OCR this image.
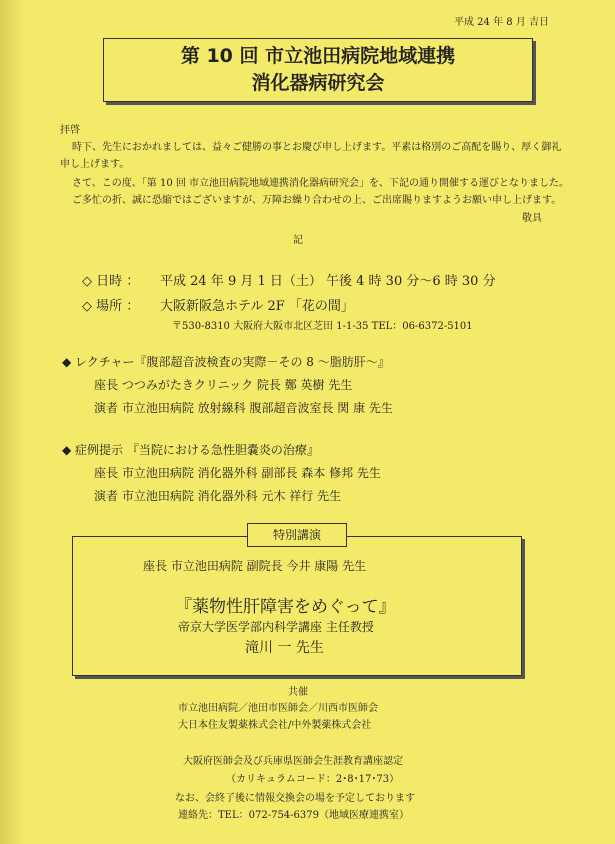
平成 24 年 8 月 吉日
第 10 回 市立池田病院地域連携
消化器病研究会
拝啓
時下、先生におかれましては、益々ご健勝の事とお慶び申し上げます。平素は格別のご高配を賜り、厚く御礼
申し上げます。
さて、この度、「第 10 回 市立池田病院地域連携消化器病研究会」を、下記の通り開催する運びとなりました。
ご多忙の折、誠に恐縮ではございますが、万障お繰り合わせの上、ご出席賜りますようお願い申し上げます。
敬具
記
◇ 日時 ： 平成 24 年 9 月 1 日（土） 午後 4 時 30 分～6 時 30 分
◇ 場所 ： 大阪新阪急ホテル 2F 「花の間」
〒530-8310 大阪府大阪市北区芝田 1-1-35 TEL：06-6372-5101
◆ レクチャー『腹部超音波検査の実際－その 8 ～脂肪肝～』
座長 つつみがたきクリニック 院長 鄭 英樹 先生
演者 市立池田病院 放射線科 腹部超音波室長 関 康 先生
◆ 症例提示 『当院における急性胆嚢炎の治療』
座長 市立池田病院 消化器外科 副部長 森本 修邦 先生
演者 市立池田病院 消化器外科 元木 祥行 先生
特別講演
座長 市立池田病院 副院長 今井 康陽 先生
『薬物性肝障害をめぐって』
帝京大学医学部内科学講座 主任教授
滝川 一 先生
共催
市立池田病院／池田市医師会／川西市医師会
大日本住友製薬株式会社/中外製薬株式会社
大阪府医師会及び兵庫県医師会生涯教育講座認定
（カリキュラムコード：2･8･17･73）
なお、会終了後に情報交換会の場を予定しております
連絡先：TEL：072-754-6379（地域医療連携室）
